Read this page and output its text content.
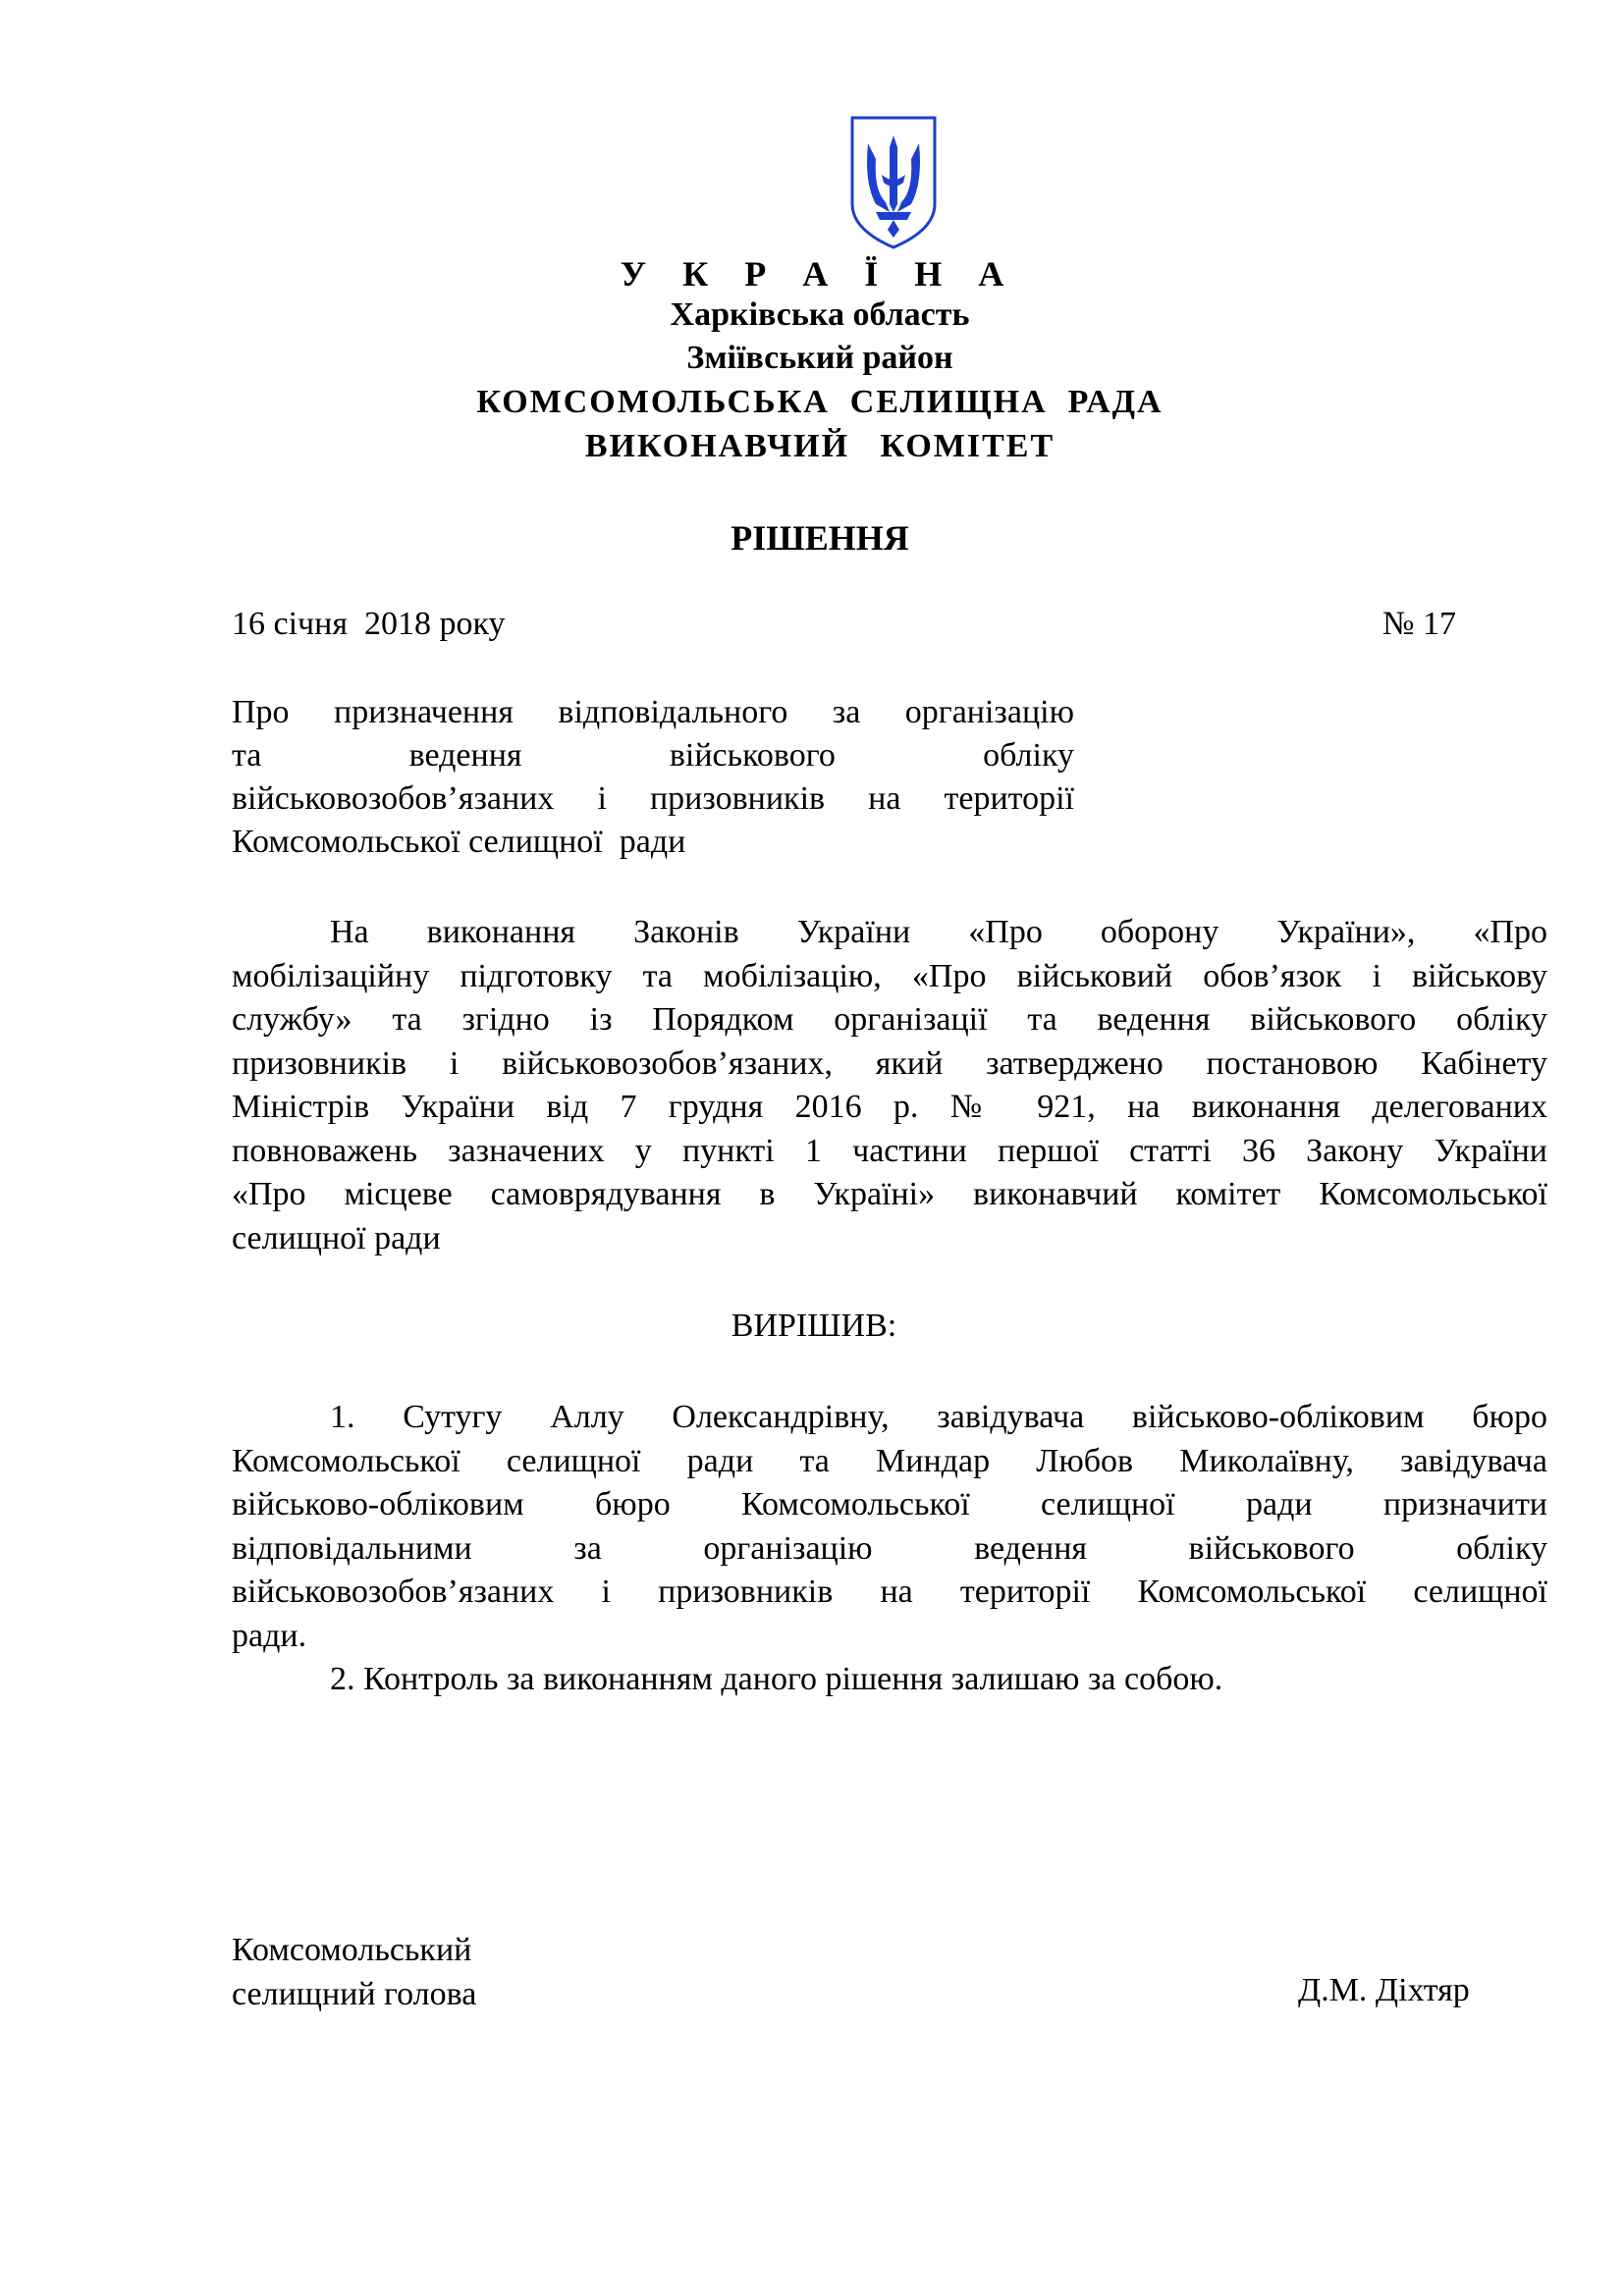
У К Р А Ї Н А
Харківська область
Зміївський район
КОМСОМОЛЬСЬКА  СЕЛИЩНА  РАДА
ВИКОНАВЧИЙ   КОМІТЕТ
РІШЕННЯ
16 січня  2018 року	№ 17
Про призначення відповідального за організацію
та ведення військового обліку
військовозобов’язаних і призовників на території
Комсомольської селищної  ради
На виконання Законів України «Про оборону України», «Про
мобілізаційну підготовку та мобілізацію, «Про військовий обов’язок і військову
службу» та згідно із Порядком організації та ведення військового обліку
призовників і військовозобов’язаних, який затверджено постановою Кабінету
Міністрів України від 7 грудня 2016 р. № 921, на виконання делегованих
повноважень зазначених у пункті 1 частини першої статті 36 Закону України
«Про місцеве самоврядування в Україні» виконавчий комітет Комсомольської
селищної ради
ВИРІШИВ:
1. Сутугу Аллу Олександрівну, завідувача військово-обліковим бюро
Комсомольської селищної ради та Миндар Любов Миколаївну, завідувача
військово-обліковим бюро Комсомольської селищної ради призначити
відповідальними за організацію ведення військового обліку
військовозобов’язаних і призовників на території Комсомольської селищної
ради.
2. Контроль за виконанням даного рішення залишаю за собою.
Комсомольський
селищний голова	Д.М. Діхтяр
